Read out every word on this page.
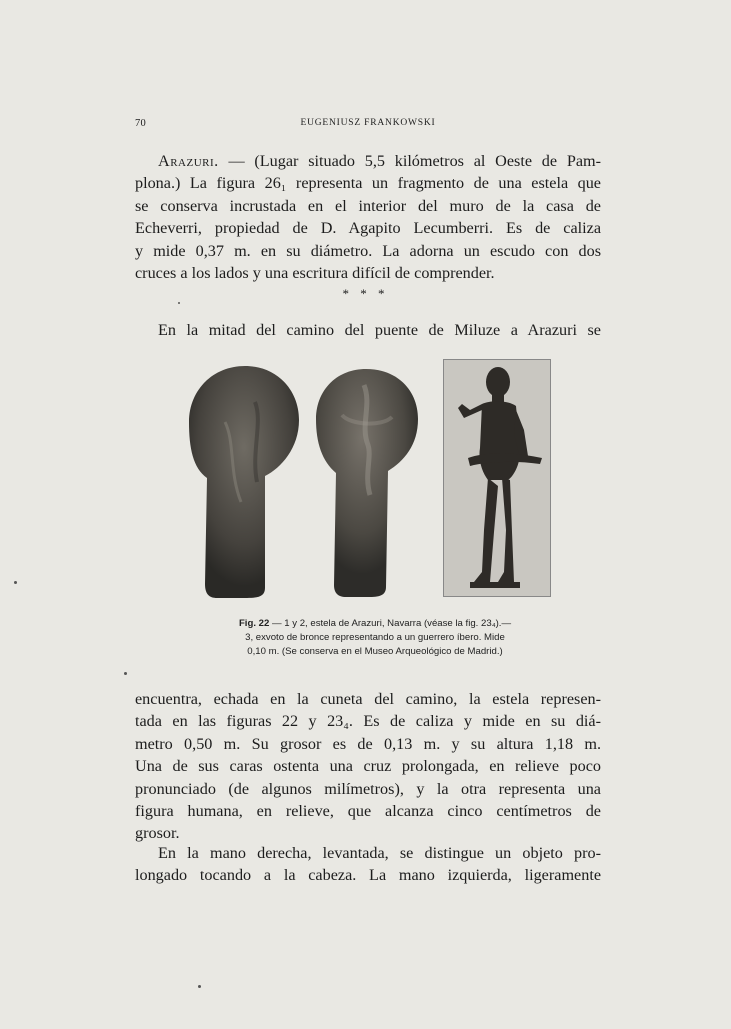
70	EUGENIUSZ FRANKOWSKI
Arazuri. — (Lugar situado 5,5 kilómetros al Oeste de Pam-
plona.) La figura 26₁ representa un fragmento de una estela que
se conserva incrustada en el interior del muro de la casa de
Echeverri, propiedad de D. Agapito Lecumberri. Es de caliza
y mide 0,37 m. en su diámetro. La adorna un escudo con dos
cruces a los lados y una escritura difícil de comprender.
* * *
En la mitad del camino del puente de Miluze a Arazuri se
Fig. 22 — 1 y 2, estela de Arazuri, Navarra (véase la fig. 23₄).—
3, exvoto de bronce representando a un guerrero íbero. Mide
0,10 m. (Se conserva en el Museo Arqueológico de Madrid.)
encuentra, echada en la cuneta del camino, la estela represen-
tada en las figuras 22 y 23₄. Es de caliza y mide en su diá-
metro 0,50 m. Su grosor es de 0,13 m. y su altura 1,18 m.
Una de sus caras ostenta una cruz prolongada, en relieve poco
pronunciado (de algunos milímetros), y la otra representa una
figura humana, en relieve, que alcanza cinco centímetros de
grosor.
En la mano derecha, levantada, se distingue un objeto pro-
longado tocando a la cabeza. La mano izquierda, ligeramente
